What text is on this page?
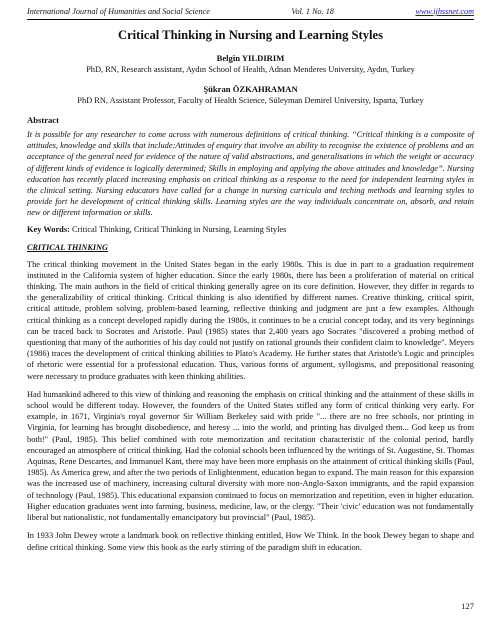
International Journal of Humanities and Social Science	Vol. 1 No. 18	www.ijhssnet.com
Critical Thinking in Nursing and Learning Styles
Belgin YILDIRIM
PhD, RN, Research assistant, Aydın School of Health, Adnan Menderes University, Aydın, Turkey
Şükran ÖZKAHRAMAN
PhD RN, Assistant Professor, Faculty of Health Science, Süleyman Demirel University, Isparta, Turkey
Abstract
It is possible for any researcher to come across with numerous definitions of critical thinking. “Critical thinking is a composite of attitudes, knowledge and skills that include:Attitudes of enquiry that involve an ability to recognise the existence of problems and an acceptance of the general need for evidence of the nature of valid abstractions, and generalisations in which the weight or accuracy of different kinds of evidence is logically determined; Skills in employing and applying the above attitudes and knowledge”. Nursing education has recently placed increasing emphasis on critical thinking as a response to the need for independent learning styles in the clinical setting. Nursing educators have called for a change in nursing curricula and teching methods and learning styles to provide fort he development of critical thinking skills. Learning styles are the way individuals concentrate on, absorb, and retain new or different information or skills.
Key Words: Critical Thinking, Critical Thinking in Nursing, Learning Styles
CRITICAL THINKING
The critical thinking movement in the United States began in the early 1980s. This is due in part to a graduation requirement instituted in the California system of higher education. Since the early 1980s, there has been a proliferation of material on critical thinking. The main authors in the field of critical thinking generally agree on its core definition. However, they differ in regards to the generalizability of critical thinking. Critical thinking is also identified by different names. Creative thinking, critical spirit, critical attitude, problem solving, problem-based learning, reflective thinking and judgment are just a few examples. Although critical thinking as a concept developed rapidly during the 1980s, it continues to be a crucial concept today, and its very beginnings can be traced back to Socrates and Aristotle. Paul (1985) states that 2,400 years ago Socrates "discovered a probing method of questioning that many of the authorities of his day could not justify on rational grounds their confident claim to knowledge". Meyers (1986) traces the development of critical thinking abilities to Plato's Academy. He further states that Aristotle's Logic and principles of rhetoric were essential for a professional education. Thus, various forms of argument, syllogisms, and prepositional reasoning were necessary to produce graduates with keen thinking abilities.
Had humankind adhered to this view of thinking and reasoning the emphasis on critical thinking and the attainment of these skills in school would be different today. However, the founders of the United States stifled any form of critical thinking very early. For example, in 1671, Virginia's royal governor Sir William Berkeley said with pride "... there are no free schools, nor printing in Virginia, for learning has brought disobedience, and heresy ... into the world, and printing has divulged them... God keep us from both!" (Paul, 1985). This belief combined with rote memorization and recitation characteristic of the colonial period, hardly encouraged an atmosphere of critical thinking. Had the colonial schools been influenced by the writings of St. Augustine, St. Thomas Aquinas, Rene Descartes, and Immanuel Kant, there may have been more emphasis on the attainment of critical thinking skills (Paul, 1985). As America grew, and after the two periods of Enlightenment, education began to expand. The main reason for this expansion was the increased use of machinery, increasing cultural diversity with more non-Anglo-Saxon immigrants, and the rapid expansion of technology (Paul, 1985). This educational expansion continued to focus on memorization and repetition, even in higher education. Higher education graduates went into farming, business, medicine, law, or the clergy. "Their 'civic' education was not fundamentally liberal but nationalistic, not fundamentally emancipatory but provincial" (Paul, 1985).
In 1933 John Dewey wrote a landmark book on reflective thinking entitled, How We Think. In the book Dewey began to shape and define critical thinking. Some view this book as the early stirring of the paradigm shift in education.
127
